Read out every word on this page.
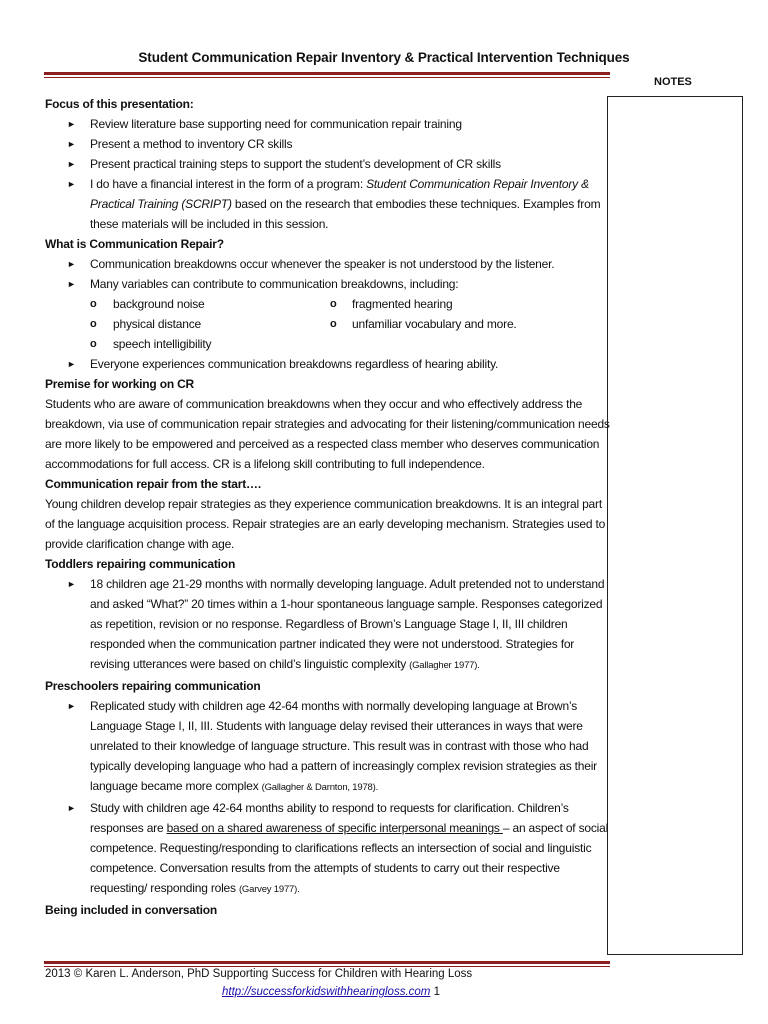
Student Communication Repair Inventory & Practical Intervention Techniques
NOTES
Focus of this presentation:
► Review literature base supporting need for communication repair training
► Present a method to inventory CR skills
► Present practical training steps to support the student’s development of CR skills
► I do have a financial interest in the form of a program: Student Communication Repair Inventory & Practical Training (SCRIPT) based on the research that embodies these techniques. Examples from these materials will be included in this session.
What is Communication Repair?
► Communication breakdowns occur whenever the speaker is not understood by the listener.
► Many variables can contribute to communication breakdowns, including:
o background noise	o fragmented hearing
o physical distance	o unfamiliar vocabulary and more.
o speech intelligibility
► Everyone experiences communication breakdowns regardless of hearing ability.
Premise for working on CR

Students who are aware of communication breakdowns when they occur and who effectively address the breakdown, via use of communication repair strategies and advocating for their listening/communication needs are more likely to be empowered and perceived as a respected class member who deserves communication accommodations for full access. CR is a lifelong skill contributing to full independence.

Communication repair from the start….

Young children develop repair strategies as they experience communication breakdowns. It is an integral part of the language acquisition process. Repair strategies are an early developing mechanism. Strategies used to provide clarification change with age.

Toddlers repairing communication
► 18 children age 21-29 months with normally developing language. Adult pretended not to understand and asked “What?” 20 times within a 1-hour spontaneous language sample. Responses categorized as repetition, revision or no response. Regardless of Brown’s Language Stage I, II, III children responded when the communication partner indicated they were not understood. Strategies for revising utterances were based on child’s linguistic complexity (Gallagher 1977).
Preschoolers repairing communication
► Replicated study with children age 42-64 months with normally developing language at Brown’s Language Stage I, II, III. Students with language delay revised their utterances in ways that were unrelated to their knowledge of language structure. This result was in contrast with those who had typically developing language who had a pattern of increasingly complex revision strategies as their language became more complex (Gallagher & Darnton, 1978).
► Study with children age 42-64 months ability to respond to requests for clarification. Children’s responses are based on a shared awareness of specific interpersonal meanings – an aspect of social competence. Requesting/responding to clarifications reflects an intersection of social and linguistic competence. Conversation results from the attempts of students to carry out their respective requesting/ responding roles (Garvey 1977).
Being included in conversation
2013 © Karen L. Anderson, PhD Supporting Success for Children with Hearing Loss
http://successforkidswithhearingloss.com 1
